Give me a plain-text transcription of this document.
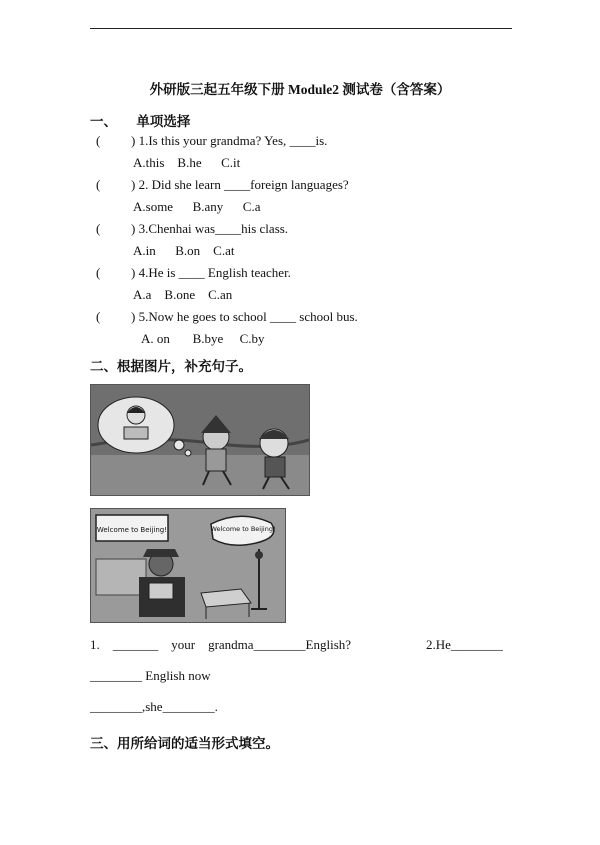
外研版三起五年级下册 Module2 测试卷（含答案）
一、 单项选择
( ) 1.Is this your grandma? Yes, ____is.
A.this    B.he      C.it
( ) 2. Did she learn ____foreign languages?
A.some      B.any      C.a
( ) 3.Chenhai was____his class.
A.in      B.on    C.at
( ) 4.He is ____ English teacher.
A.a    B.one    C.an
( ) 5.Now he goes to school ____ school bus.
A. on       B.bye     C.by
二、根据图片，补充句子。
Welcome to Beijing!	Welcome to Beijing!
1.    _______    your    grandma________English?	2.He________
________ English now
________,she________.
三、用所给词的适当形式填空。
